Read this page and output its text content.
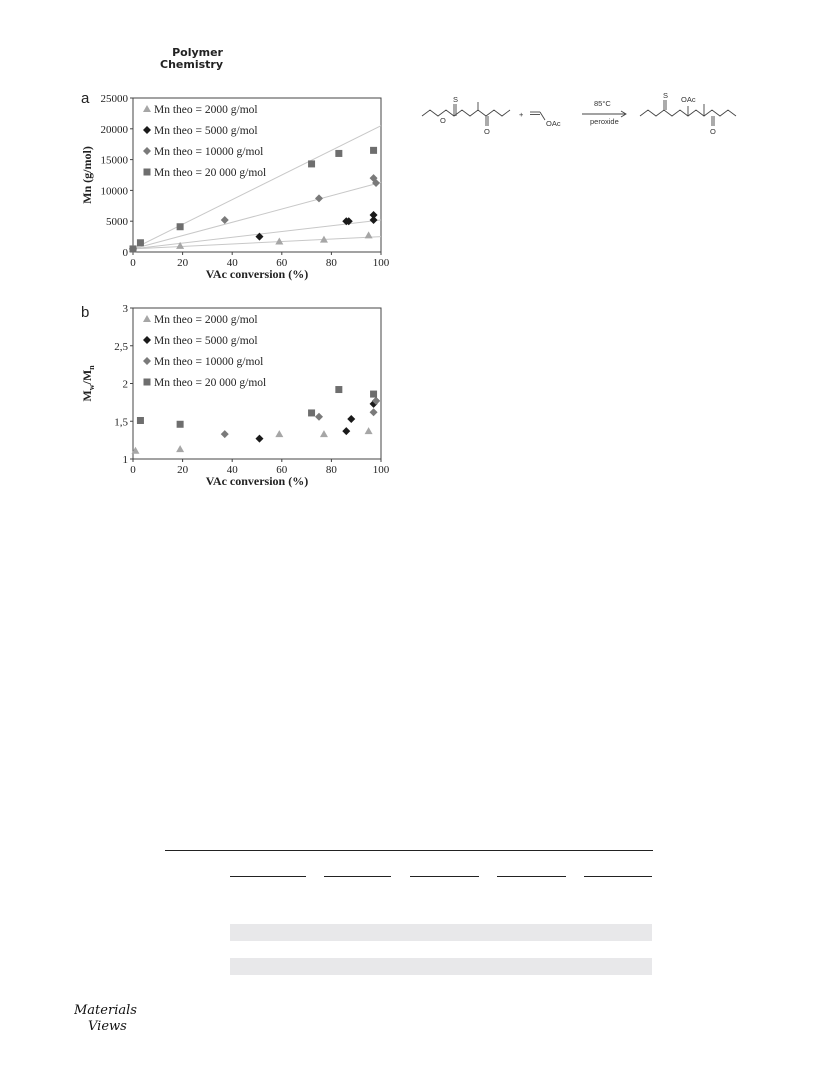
Polymer
Chemistry
a
b
0	20	40	60	80	100
0
5000
10000
15000
20000
25000
VAc conversion (%)
Mn (g/mol)
Mn theo = 2000 g/mol
Mn theo = 5000 g/mol
Mn theo = 10000 g/mol
Mn theo = 20 000 g/mol
0	20	40	60	80	100
1
1,5
2
2,5
3
VAc conversion (%)
$M_w/M_n$
Mn theo = 2000 g/mol
Mn theo = 5000 g/mol
Mn theo = 10000 g/mol
Mn theo = 20 000 g/mol
S
O
O
+
OAc
85°C
peroxide
S OAc
O
Materials
Views
